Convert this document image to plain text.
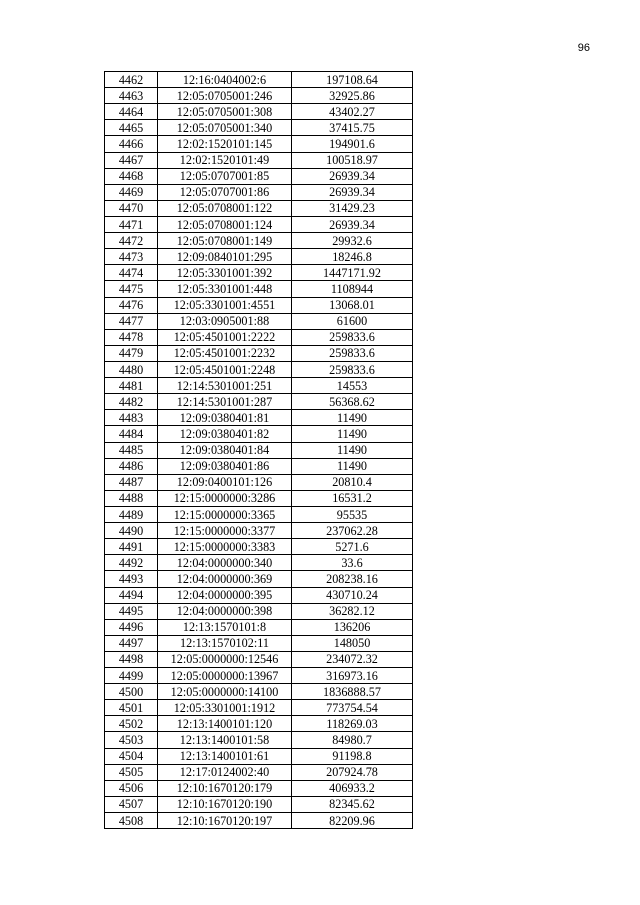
96
4462	12:16:0404002:6	197108.64
4463	12:05:0705001:246	32925.86
4464	12:05:0705001:308	43402.27
4465	12:05:0705001:340	37415.75
4466	12:02:1520101:145	194901.6
4467	12:02:1520101:49	100518.97
4468	12:05:0707001:85	26939.34
4469	12:05:0707001:86	26939.34
4470	12:05:0708001:122	31429.23
4471	12:05:0708001:124	26939.34
4472	12:05:0708001:149	29932.6
4473	12:09:0840101:295	18246.8
4474	12:05:3301001:392	1447171.92
4475	12:05:3301001:448	1108944
4476	12:05:3301001:4551	13068.01
4477	12:03:0905001:88	61600
4478	12:05:4501001:2222	259833.6
4479	12:05:4501001:2232	259833.6
4480	12:05:4501001:2248	259833.6
4481	12:14:5301001:251	14553
4482	12:14:5301001:287	56368.62
4483	12:09:0380401:81	11490
4484	12:09:0380401:82	11490
4485	12:09:0380401:84	11490
4486	12:09:0380401:86	11490
4487	12:09:0400101:126	20810.4
4488	12:15:0000000:3286	16531.2
4489	12:15:0000000:3365	95535
4490	12:15:0000000:3377	237062.28
4491	12:15:0000000:3383	5271.6
4492	12:04:0000000:340	33.6
4493	12:04:0000000:369	208238.16
4494	12:04:0000000:395	430710.24
4495	12:04:0000000:398	36282.12
4496	12:13:1570101:8	136206
4497	12:13:1570102:11	148050
4498	12:05:0000000:12546	234072.32
4499	12:05:0000000:13967	316973.16
4500	12:05:0000000:14100	1836888.57
4501	12:05:3301001:1912	773754.54
4502	12:13:1400101:120	118269.03
4503	12:13:1400101:58	84980.7
4504	12:13:1400101:61	91198.8
4505	12:17:0124002:40	207924.78
4506	12:10:1670120:179	406933.2
4507	12:10:1670120:190	82345.62
4508	12:10:1670120:197	82209.96
